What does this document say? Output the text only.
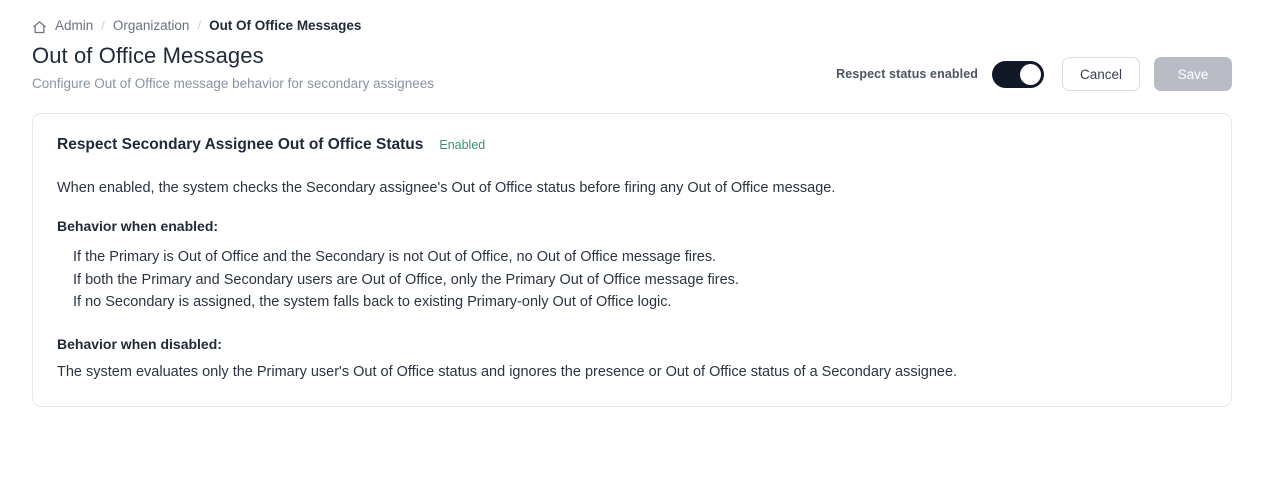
Admin / Organization / Out Of Office Messages
Out of Office Messages
Configure Out of Office message behavior for secondary assignees
Respect status enabled	Cancel	Save
Respect Secondary Assignee Out of Office Status Enabled
When enabled, the system checks the Secondary assignee's Out of Office status before firing any Out of Office message.
Behavior when enabled:
If the Primary is Out of Office and the Secondary is not Out of Office, no Out of Office message fires.
If both the Primary and Secondary users are Out of Office, only the Primary Out of Office message fires.
If no Secondary is assigned, the system falls back to existing Primary-only Out of Office logic.
Behavior when disabled:
The system evaluates only the Primary user's Out of Office status and ignores the presence or Out of Office status of a Secondary assignee.
